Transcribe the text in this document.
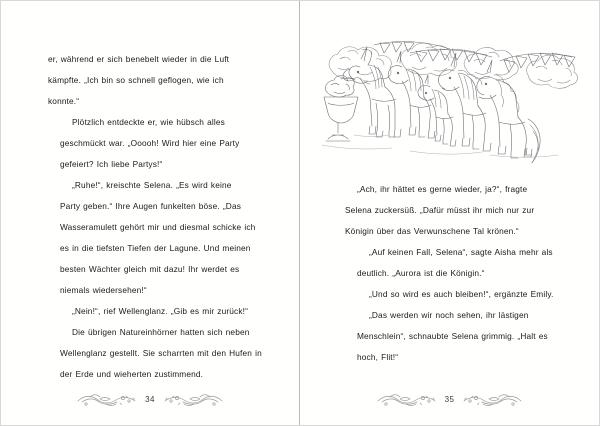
er, während er sich benebelt wieder in die Luft
kämpfte. „Ich bin so schnell geflogen, wie ich
konnte.“

Plötzlich entdeckte er, wie hübsch alles
geschmückt war. „Ooooh! Wird hier eine Party
gefeiert? Ich liebe Partys!“

„Ruhe!“, kreischte Selena. „Es wird keine
Party geben.“ Ihre Augen funkelten böse. „Das
Wasseramulett gehört mir und diesmal schicke ich
es in die tiefsten Tiefen der Lagune. Und meinen
besten Wächter gleich mit dazu! Ihr werdet es
niemals wiedersehen!“

„Nein!“, rief Wellenglanz. „Gib es mir zurück!“

Die übrigen Natureinhörner hatten sich neben
Wellenglanz gestellt. Sie scharrten mit den Hufen in
der Erde und wieherten zustimmend.

34

„Ach, ihr hättet es gerne wieder, ja?“, fragte
Selena zuckersüß. „Dafür müsst ihr mich nur zur
Königin über das Verwunschene Tal krönen.“

„Auf keinen Fall, Selena“, sagte Aisha mehr als
deutlich. „Aurora ist die Königin.“

„Und so wird es auch bleiben!“, ergänzte Emily.

„Das werden wir noch sehen, ihr lästigen
Menschlein“, schnaubte Selena grimmig. „Halt es
hoch, Flit!“

35
